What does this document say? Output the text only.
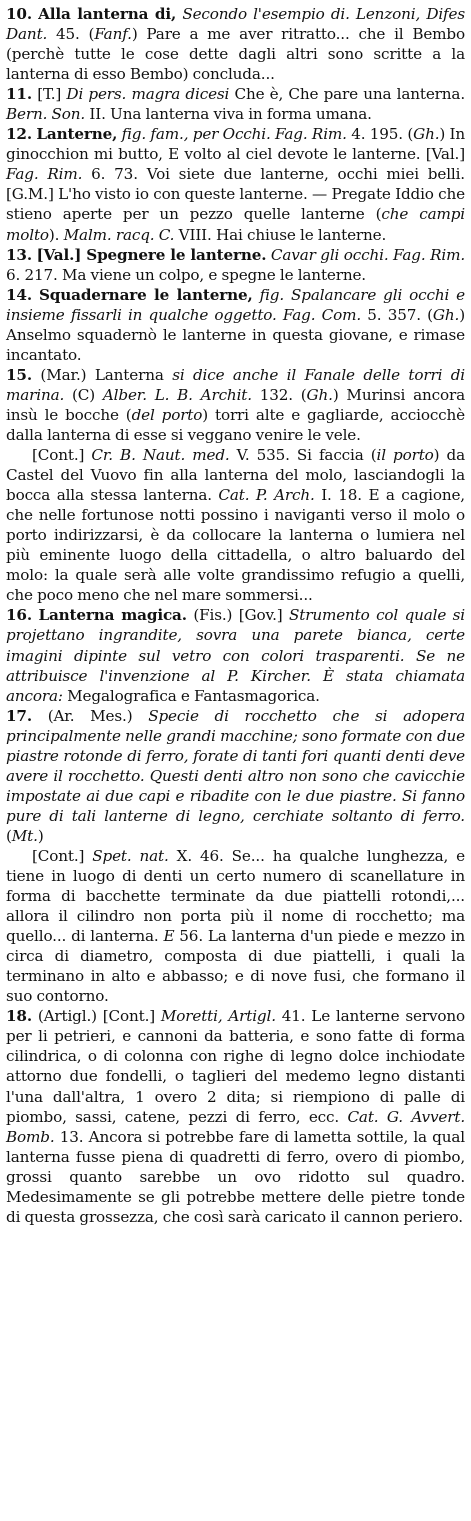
10. Alla lanterna di, Secondo l'esempio di. Lenzoni, Difes Dant. 45. (Fanf.) Pare a me aver ritratto... che il Bembo (perchè tutte le cose dette dagli altri sono scritte a la lanterna di esso Bembo) concluda...

11. [T.] Di pers. magra dicesi Che è, Che pare una lanterna. Bern. Son. II. Una lanterna viva in forma umana.

12. Lanterne, fig. fam., per Occhi. Fag. Rim. 4. 195. (Gh.) In ginocchion mi butto, E volto al ciel devote le lanterne. [Val.] Fag. Rim. 6. 73. Voi siete due lanterne, occhi miei belli. [G.M.] L'ho visto io con queste lanterne. — Pregate Iddio che stieno aperte per un pezzo quelle lanterne (che campi molto). Malm. racq. C. VIII. Hai chiuse le lanterne.

13. [Val.] Spegnere le lanterne. Cavar gli occhi. Fag. Rim. 6. 217. Ma viene un colpo, e spegne le lanterne.

14. Squadernare le lanterne, fig. Spalancare gli occhi e insieme fissarli in qualche oggetto. Fag. Com. 5. 357. (Gh.) Anselmo squadernò le lanterne in questa giovane, e rimase incantato.

15. (Mar.) Lanterna si dice anche il Fanale delle torri di marina. (C) Alber. L. B. Archit. 132. (Gh.) Murinsi ancora insù le bocche (del porto) torri alte e gagliarde, acciocchè dalla lanterna di esse si veggano venire le vele.

[Cont.] Cr. B. Naut. med. V. 535. Si faccia (il porto) da Castel del Vuovo fin alla lanterna del molo, lasciandogli la bocca alla stessa lanterna. Cat. P. Arch. I. 18. E a cagione, che nelle fortunose notti possino i naviganti verso il molo o porto indirizzarsi, è da collocare la lanterna o lumiera nel più eminente luogo della cittadella, o altro baluardo del molo: la quale serà alle volte grandissimo refugio a quelli, che poco meno che nel mare sommersi...

16. Lanterna magica. (Fis.) [Gov.] Strumento col quale si projettano ingrandite, sovra una parete bianca, certe imagini dipinte sul vetro con colori trasparenti. Se ne attribuisce l'invenzione al P. Kircher. È stata chiamata ancora: Megalografica e Fantasmagorica.

17. (Ar. Mes.) Specie di rocchetto che si adopera principalmente nelle grandi macchine; sono formate con due piastre rotonde di ferro, forate di tanti fori quanti denti deve avere il rocchetto. Questi denti altro non sono che cavicchie impostate ai due capi e ribadite con le due piastre. Si fanno pure di tali lanterne di legno, cerchiate soltanto di ferro. (Mt.)

[Cont.] Spet. nat. X. 46. Se... ha qualche lunghezza, e tiene in luogo di denti un certo numero di scanellature in forma di bacchette terminate da due piattelli rotondi,... allora il cilindro non porta più il nome di rocchetto; ma quello... di lanterna. E 56. La lanterna d'un piede e mezzo in circa di diametro, composta di due piattelli, i quali la terminano in alto e abbasso; e di nove fusi, che formano il suo contorno.

18. (Artigl.) [Cont.] Moretti, Artigl. 41. Le lanterne servono per li petrieri, e cannoni da batteria, e sono fatte di forma cilindrica, o di colonna con righe di legno dolce inchiodate attorno due fondelli, o taglieri del medemo legno distanti l'una dall'altra, 1 overo 2 dita; si riempiono di palle di piombo, sassi, catene, pezzi di ferro, ecc. Cat. G. Avvert. Bomb. 13. Ancora si potrebbe fare di lametta sottile, la qual lanterna fusse piena di quadretti di ferro, overo di piombo, grossi quanto sarebbe un ovo ridotto sul quadro. Medesimamente se gli potrebbe mettere delle pietre tonde di questa grossezza, che così sarà caricato il cannon periero.
